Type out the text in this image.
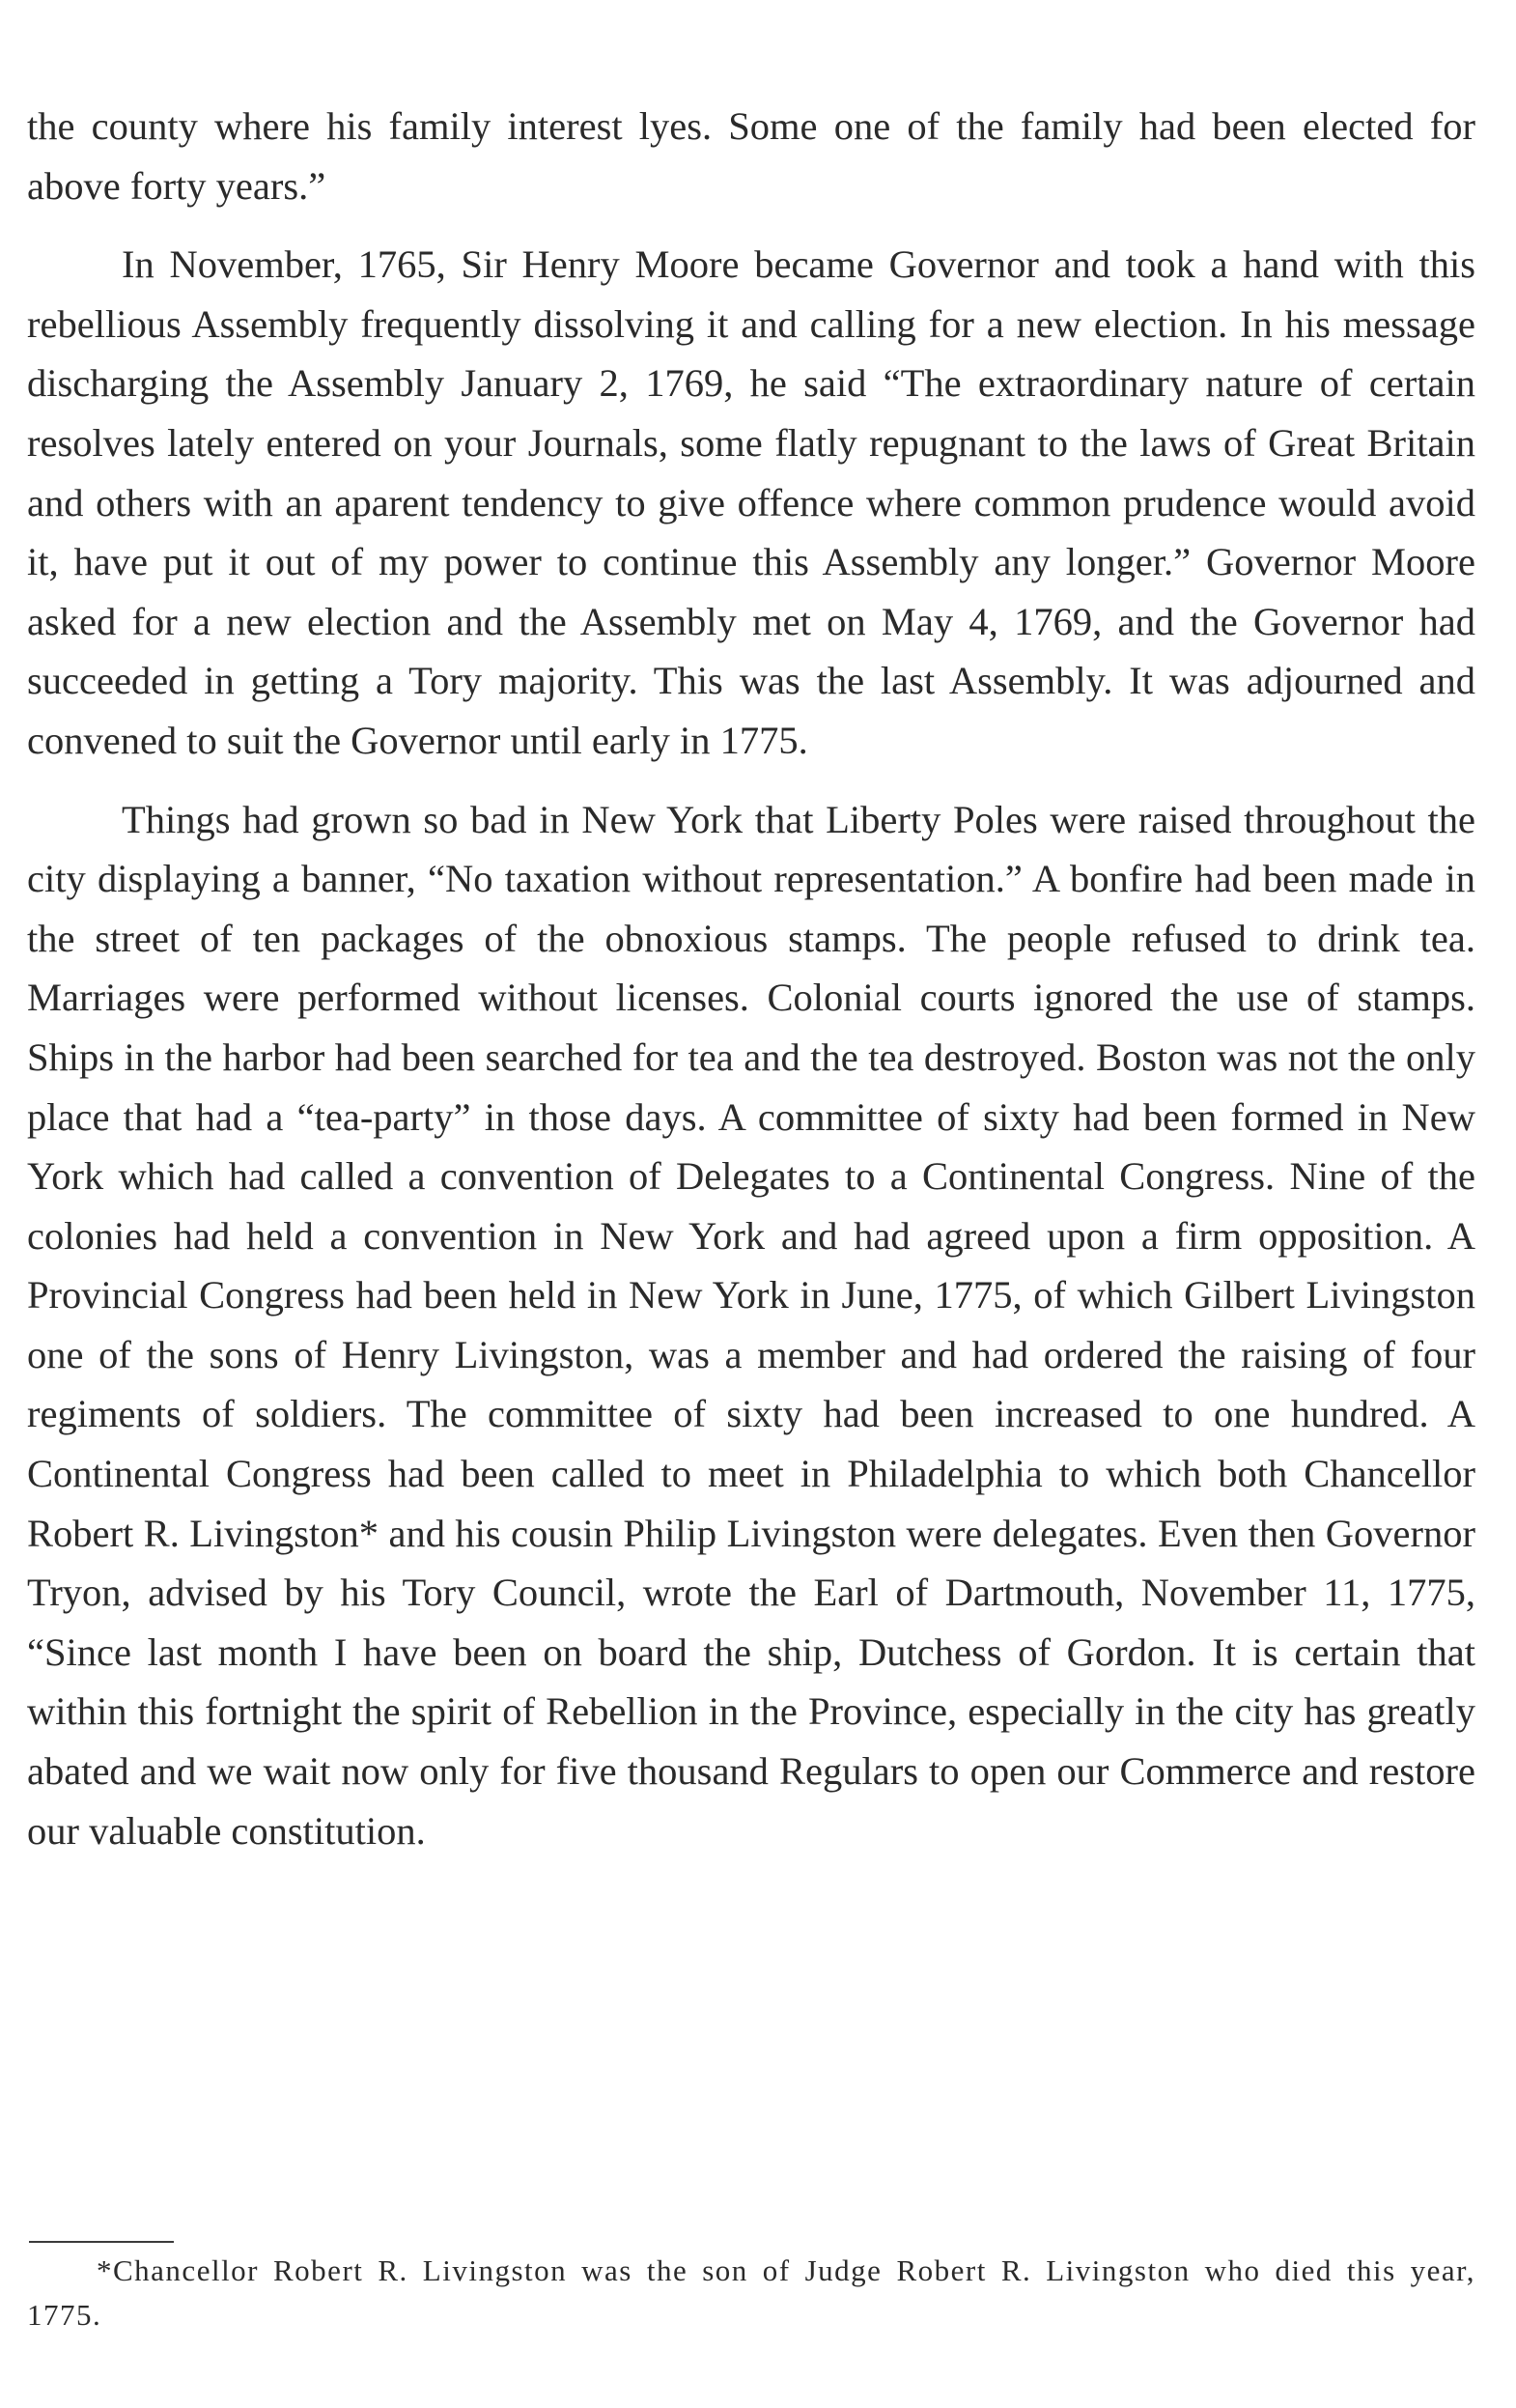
the county where his family interest lyes. Some one of the family had been elected for above forty years.”

In November, 1765, Sir Henry Moore became Governor and took a hand with this rebellious Assembly frequently dissolving it and calling for a new election. In his message discharging the Assembly January 2, 1769, he said “The extraordinary nature of certain resolves lately entered on your Journals, some flatly repugnant to the laws of Great Britain and others with an aparent tendency to give offence where common prudence would avoid it, have put it out of my power to continue this Assembly any longer.” Governor Moore asked for a new election and the Assembly met on May 4, 1769, and the Governor had succeeded in getting a Tory majority. This was the last Assembly. It was adjourned and convened to suit the Governor until early in 1775.

Things had grown so bad in New York that Liberty Poles were raised throughout the city displaying a banner, “No taxation without representation.” A bonfire had been made in the street of ten packages of the obnoxious stamps. The people refused to drink tea. Marriages were performed without licenses. Colonial courts ignored the use of stamps. Ships in the harbor had been searched for tea and the tea destroyed. Boston was not the only place that had a “tea-party” in those days. A committee of sixty had been formed in New York which had called a convention of Delegates to a Continental Congress. Nine of the colonies had held a convention in New York and had agreed upon a firm opposition. A Provincial Congress had been held in New York in June, 1775, of which Gilbert Livingston one of the sons of Henry Livingston, was a member and had ordered the raising of four regiments of soldiers. The committee of sixty had been increased to one hundred. A Continental Congress had been called to meet in Philadelphia to which both Chancellor Robert R. Livingston* and his cousin Philip Livingston were delegates. Even then Governor Tryon, advised by his Tory Council, wrote the Earl of Dartmouth, November 11, 1775, “Since last month I have been on board the ship, Dutchess of Gordon. It is certain that within this fortnight the spirit of Rebellion in the Province, especially in the city has greatly abated and we wait now only for five thousand Regulars to open our Commerce and restore our valuable constitution.

*Chancellor Robert R. Livingston was the son of Judge Robert R. Livingston who died this year, 1775.
